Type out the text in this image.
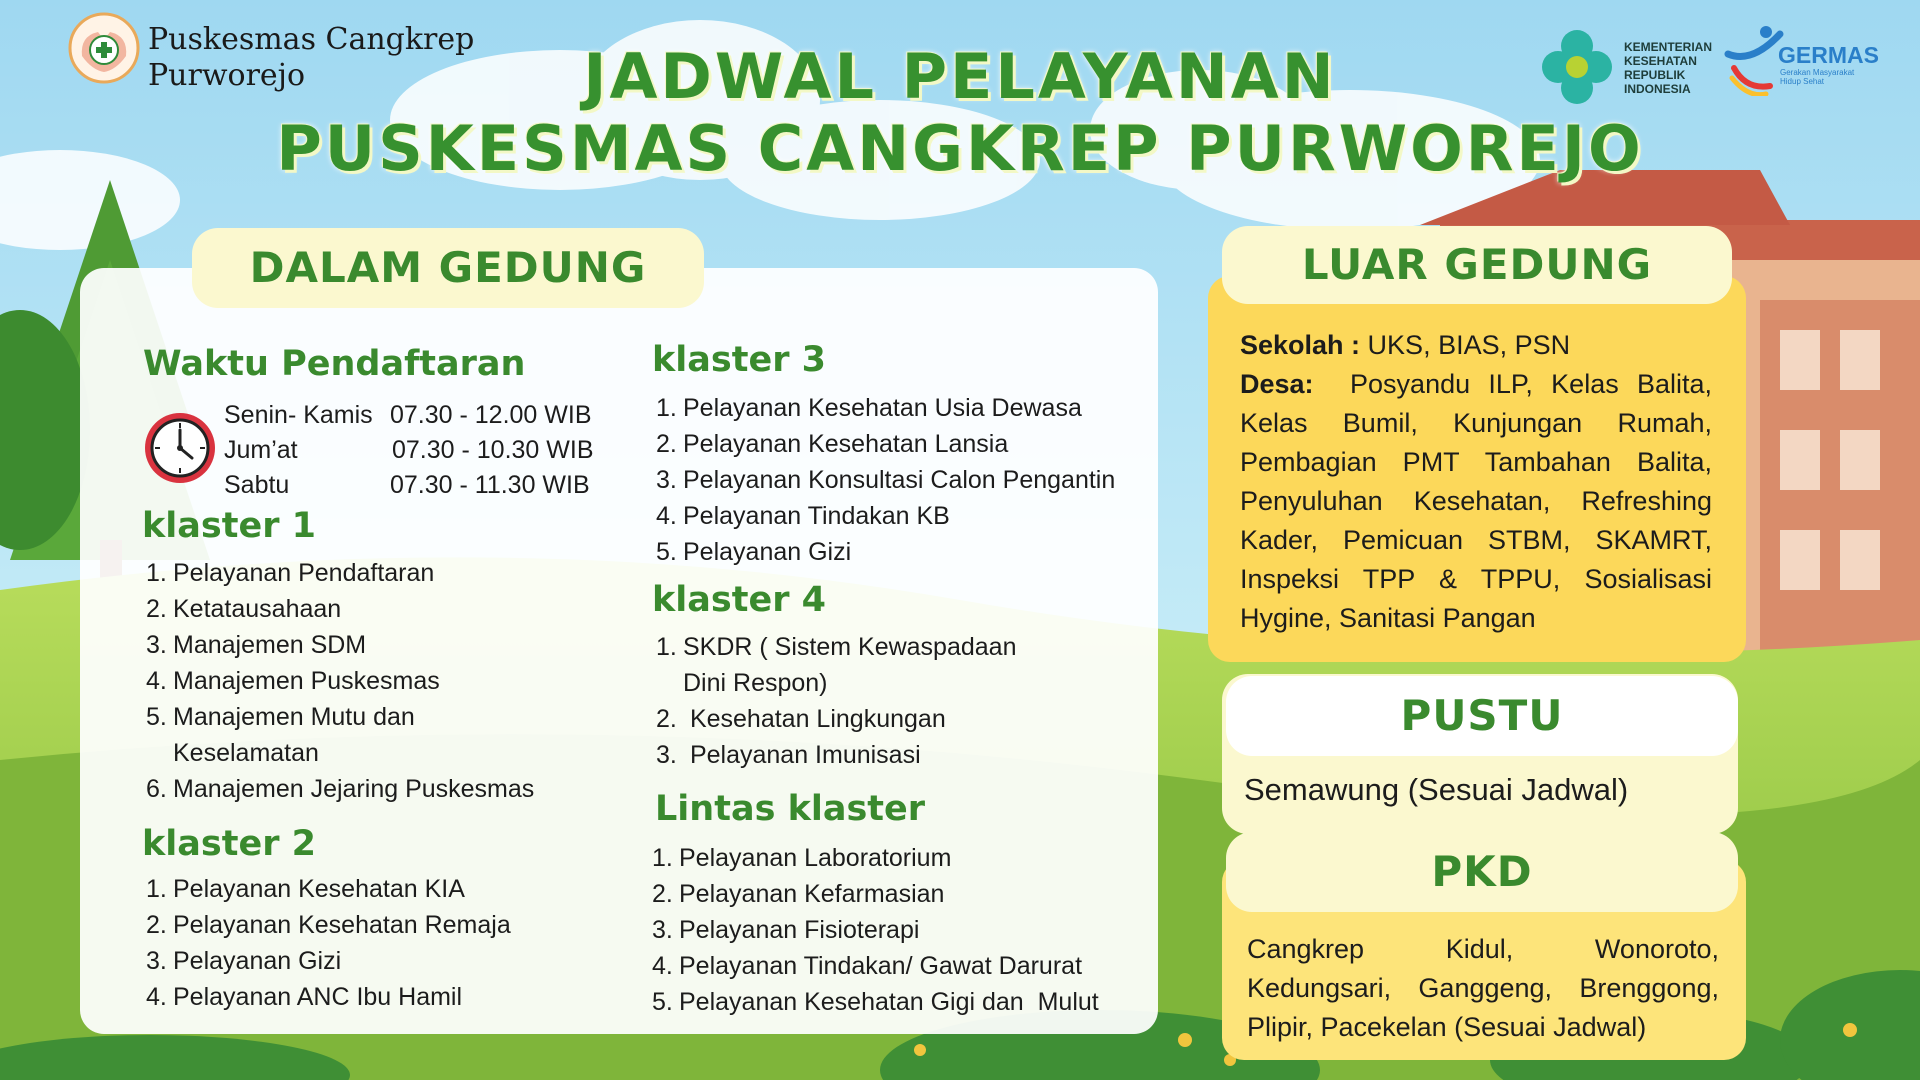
Puskesmas Cangkrep
Purworejo
KEMENTERIAN
KESEHATAN
REPUBLIK
INDONESIA
GERMAS
Gerakan Masyarakat
Hidup Sehat
JADWAL PELAYANAN
PUSKESMAS CANGKREP PURWOREJO
DALAM GEDUNG
Waktu Pendaftaran
Senin- Kamis 07.30 - 12.00 WIB
Jum’at	07.30 - 10.30 WIB
Sabtu	07.30 - 11.30 WIB
klaster 1
1. Pelayanan Pendaftaran
2. Ketatausahaan
3. Manajemen SDM
4. Manajemen Puskesmas
5. Manajemen Mutu dan
Keselamatan
6. Manajemen Jejaring Puskesmas
klaster 2
1. Pelayanan Kesehatan KIA
2. Pelayanan Kesehatan Remaja
3. Pelayanan Gizi
4. Pelayanan ANC Ibu Hamil
klaster 3
1. Pelayanan Kesehatan Usia Dewasa
2. Pelayanan Kesehatan Lansia
3. Pelayanan Konsultasi Calon Pengantin
4. Pelayanan Tindakan KB
5. Pelayanan Gizi
klaster 4
1. SKDR ( Sistem Kewaspadaan
Dini Respon)
2. Kesehatan Lingkungan
3. Pelayanan Imunisasi
Lintas klaster
1. Pelayanan Laboratorium
2. Pelayanan Kefarmasian
3. Pelayanan Fisioterapi
4. Pelayanan Tindakan/ Gawat Darurat
5. Pelayanan Kesehatan Gigi dan  Mulut
LUAR GEDUNG
Sekolah : UKS, BIAS, PSN
Desa:  Posyandu ILP, Kelas Balita, Kelas Bumil, Kunjungan Rumah, Pembagian PMT Tambahan Balita, Penyuluhan Kesehatan, Refreshing Kader, Pemicuan STBM, SKAMRT, Inspeksi TPP & TPPU, Sosialisasi Hygine, Sanitasi Pangan
PUSTU
Semawung (Sesuai Jadwal)
PKD
Cangkrep Kidul, Wonoroto, Kedungsari, Ganggeng, Brenggong, Plipir, Pacekelan (Sesuai Jadwal)
